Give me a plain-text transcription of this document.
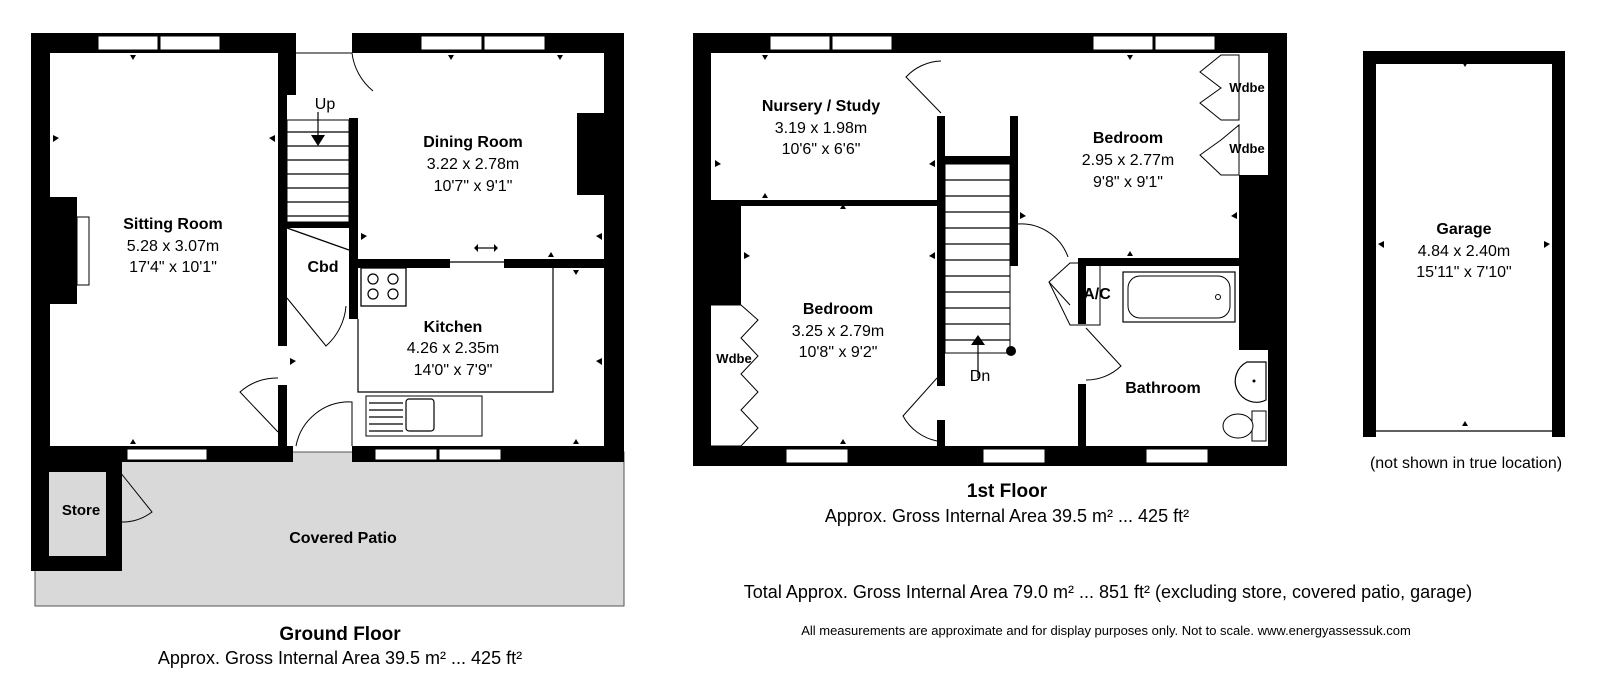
Sitting Room
5.28 x 3.07m
17'4" x 10'1"
Dining Room
3.22 x 2.78m
10'7" x 9'1"
Kitchen
4.26 x 2.35m
14'0" x 7'9"
Cbd
Store
Covered Patio
Up
Ground Floor
Approx. Gross Internal Area 39.5 m² ... 425 ft²
Nursery / Study
3.19 x 1.98m
10'6" x 6'6"
Bedroom
2.95 x 2.77m
9'8" x 9'1"
Bedroom
3.25 x 2.79m
10'8" x 9'2"
Bathroom
A/C
Wdbe
Wdbe
Wdbe
Dn
1st Floor
Approx. Gross Internal Area 39.5 m² ... 425 ft²
Garage
4.84 x 2.40m
15'11" x 7'10"
(not shown in true location)
Total Approx. Gross Internal Area 79.0 m² ... 851 ft² (excluding store, covered patio, garage)
All measurements are approximate and for display purposes only. Not to scale. www.energyassessuk.com
